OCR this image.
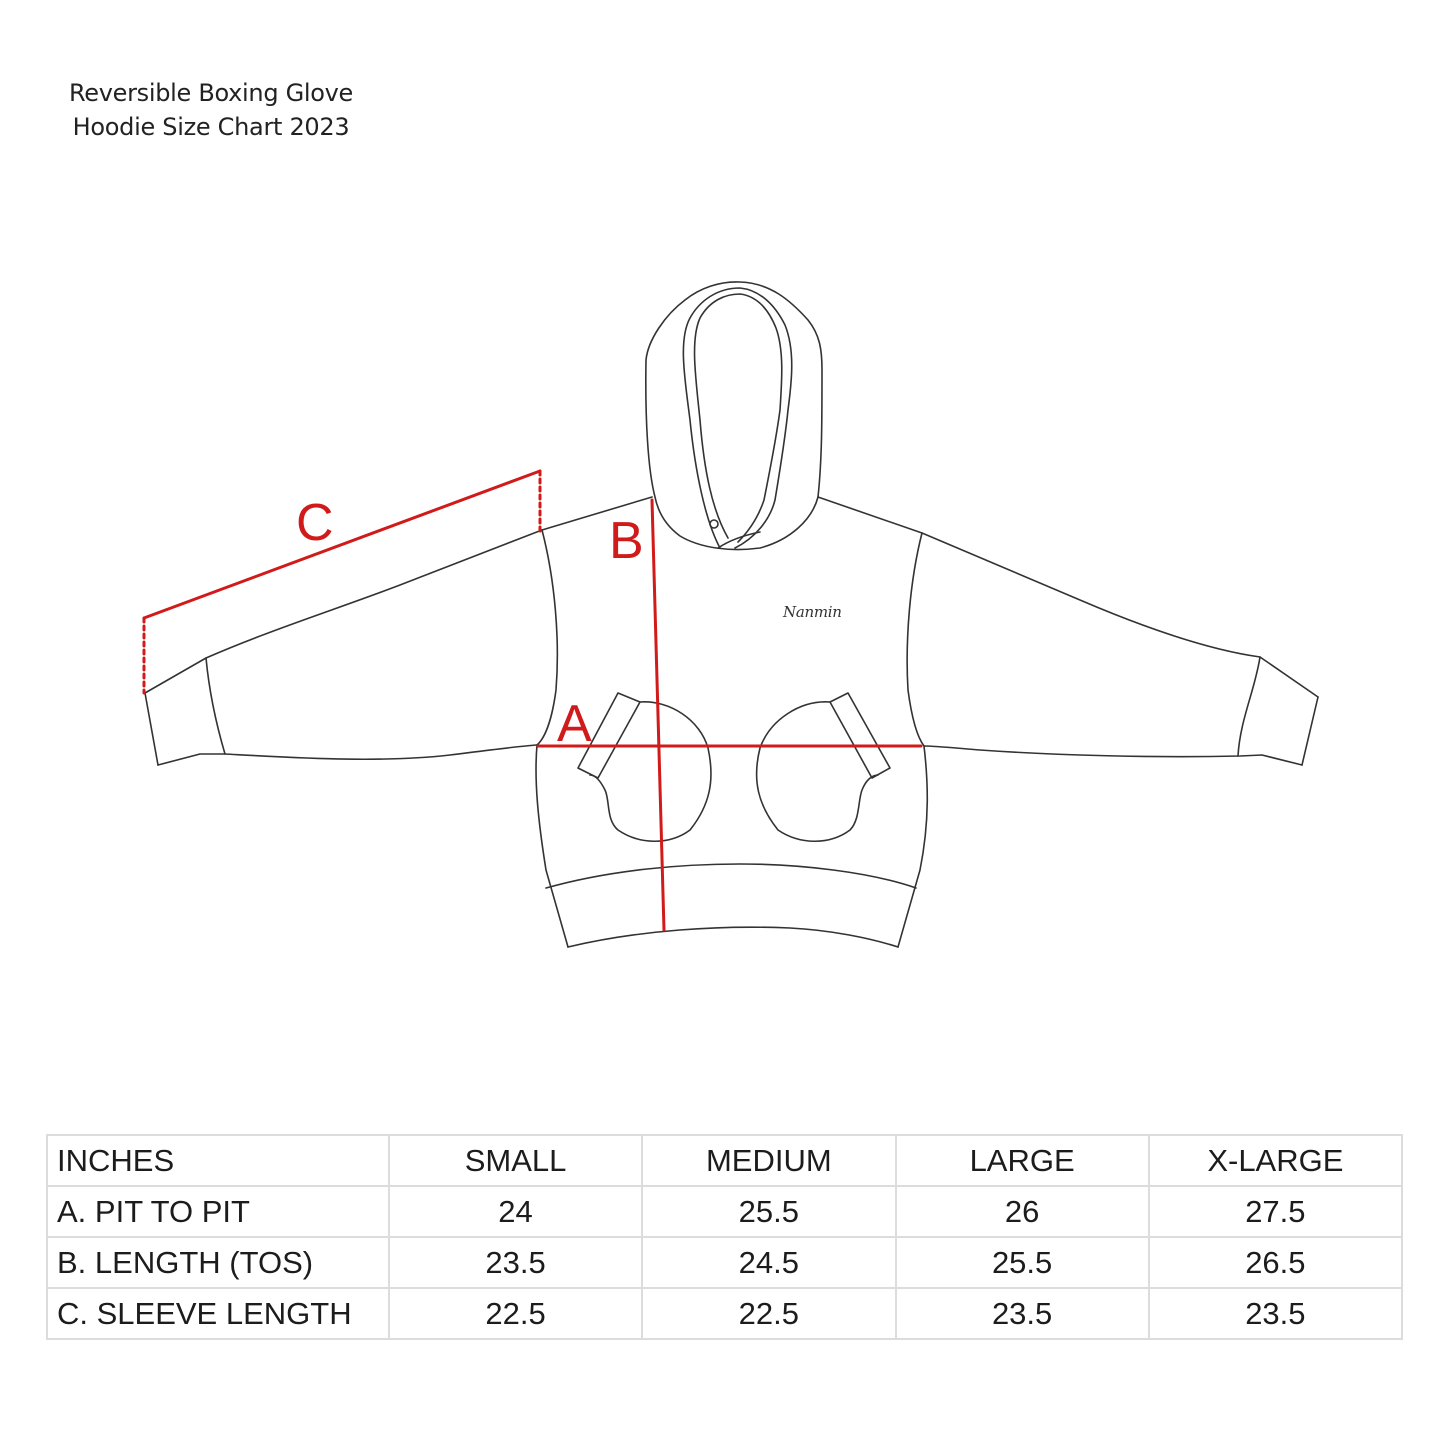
Reversible Boxing Glove
Hoodie Size Chart 2023
C	B
A
Nanmin
INCHES	SMALL	MEDIUM	LARGE	X-LARGE
A. PIT TO PIT	24	25.5	26	27.5
B. LENGTH (TOS)	23.5	24.5	25.5	26.5
C. SLEEVE LENGTH	22.5	22.5	23.5	23.5
